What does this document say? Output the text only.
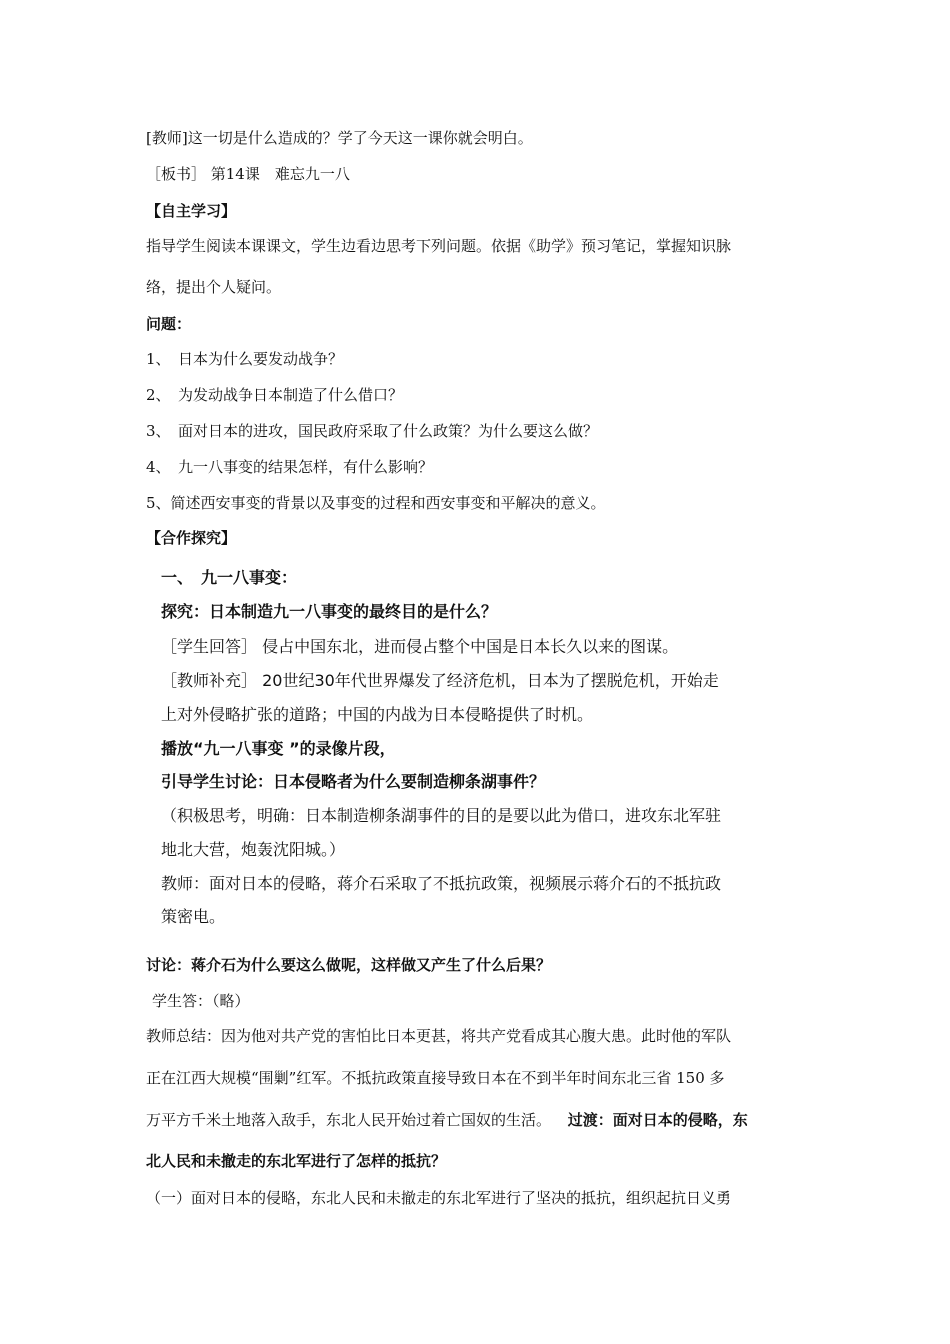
[教师]这一切是什么造成的？学了今天这一课你就会明白。
［板书］ 第14课　难忘九一八
【自主学习】
指导学生阅读本课课文，学生边看边思考下列问题。依据《助学》预习笔记，掌握知识脉
络，提出个人疑问。
问题：
1、　日本为什么要发动战争？
2、　为发动战争日本制造了什么借口？
3、　面对日本的进攻，国民政府采取了什么政策？为什么要这么做？
4、　九一八事变的结果怎样，有什么影响？
5、简述西安事变的背景以及事变的过程和西安事变和平解决的意义。
【合作探究】
一、　九一八事变：
探究：日本制造九一八事变的最终目的是什么？
［学生回答］ 侵占中国东北，进而侵占整个中国是日本长久以来的图谋。
［教师补充］ 20世纪30年代世界爆发了经济危机，日本为了摆脱危机，开始走
上对外侵略扩张的道路；中国的内战为日本侵略提供了时机。
播放“九一八事变 ”的录像片段，
引导学生讨论：日本侵略者为什么要制造柳条湖事件？
（积极思考，明确：日本制造柳条湖事件的目的是要以此为借口，进攻东北军驻
地北大营，炮轰沈阳城。）
教师：面对日本的侵略，蒋介石采取了不抵抗政策，视频展示蒋介石的不抵抗政
策密电。
讨论：蒋介石为什么要这么做呢，这样做又产生了什么后果？
学生答：（略）
教师总结：因为他对共产党的害怕比日本更甚，将共产党看成其心腹大患。此时他的军队
正在江西大规模“围剿”红军。不抵抗政策直接导致日本在不到半年时间东北三省 150 多
万平方千米土地落入敌手，东北人民开始过着亡国奴的生活。 过渡：面对日本的侵略，东
北人民和未撤走的东北军进行了怎样的抵抗？
（一）面对日本的侵略，东北人民和未撤走的东北军进行了坚决的抵抗，组织起抗日义勇
